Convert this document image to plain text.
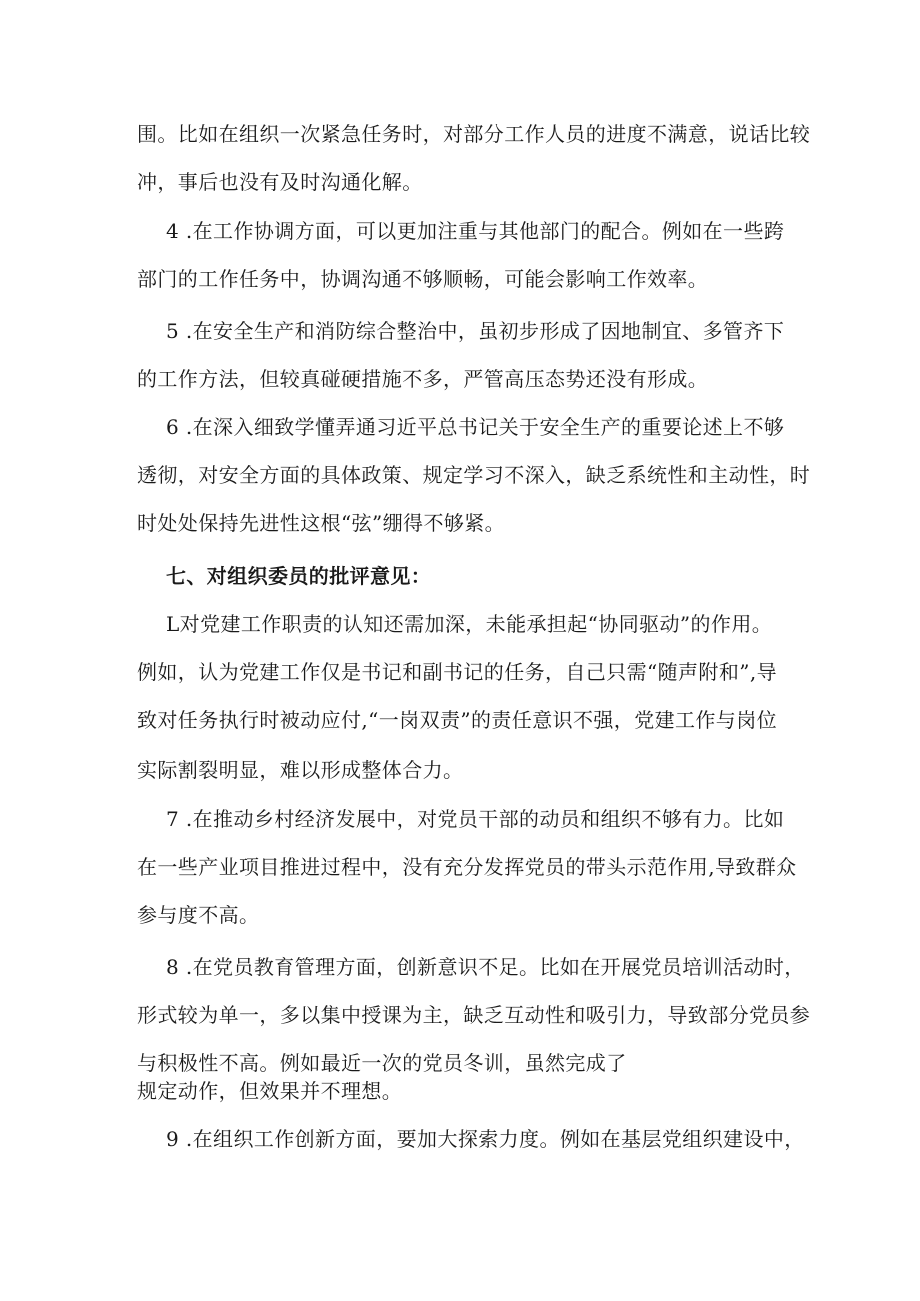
围。比如在组织一次紧急任务时，对部分工作人员的进度不满意，说话比较
冲，事后也没有及时沟通化解。
4 .在工作协调方面，可以更加注重与其他部门的配合。例如在一些跨
部门的工作任务中，协调沟通不够顺畅，可能会影响工作效率。
5 .在安全生产和消防综合整治中，虽初步形成了因地制宜、多管齐下
的工作方法，但较真碰硬措施不多，严管高压态势还没有形成。
6 .在深入细致学懂弄通习近平总书记关于安全生产的重要论述上不够
透彻，对安全方面的具体政策、规定学习不深入，缺乏系统性和主动性，时
时处处保持先进性这根“弦”绷得不够紧。
七、对组织委员的批评意见：
L对党建工作职责的认知还需加深，未能承担起“协同驱动”的作用。
例如，认为党建工作仅是书记和副书记的任务，自己只需“随声附和”,导
致对任务执行时被动应付,“一岗双责”的责任意识不强，党建工作与岗位
实际割裂明显，难以形成整体合力。
7 .在推动乡村经济发展中，对党员干部的动员和组织不够有力。比如
在一些产业项目推进过程中，没有充分发挥党员的带头示范作用,导致群众
参与度不高。
8 .在党员教育管理方面，创新意识不足。比如在开展党员培训活动时，
形式较为单一，多以集中授课为主，缺乏互动性和吸引力，导致部分党员参
与积极性不高。例如最近一次的党员冬训，虽然完成了
规定动作，但效果并不理想。
9 .在组织工作创新方面，要加大探索力度。例如在基层党组织建设中，
